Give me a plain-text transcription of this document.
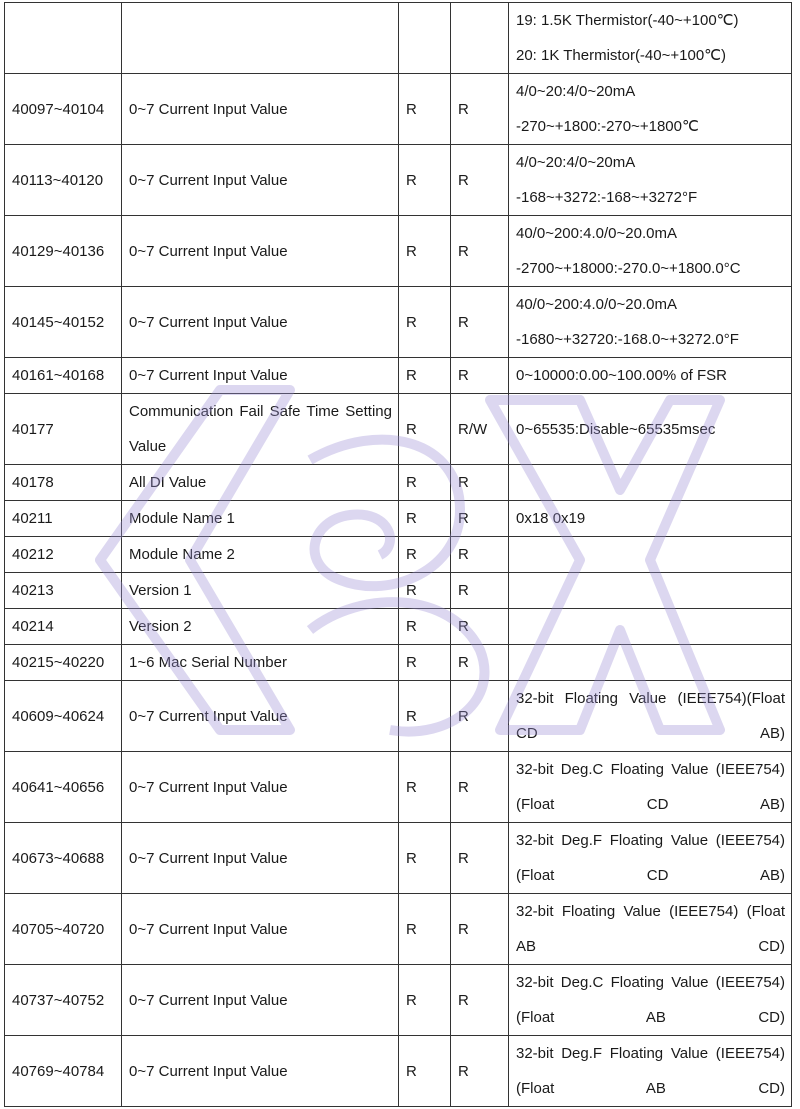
				19: 1.5K Thermistor(-40~+100℃)
20: 1K Thermistor(-40~+100℃)

40097~40104	0~7 Current Input Value	R	R	4/0~20:4/0~20mA
-270~+1800:-270~+1800℃

40113~40120	0~7 Current Input Value	R	R	4/0~20:4/0~20mA
-168~+3272:-168~+3272°F

40129~40136	0~7 Current Input Value	R	R	40/0~200:4.0/0~20.0mA
-2700~+18000:-270.0~+1800.0°C

40145~40152	0~7 Current Input Value	R	R	40/0~200:4.0/0~20.0mA
-1680~+32720:-168.0~+3272.0°F

40161~40168	0~7 Current Input Value	R	R	0~10000:0.00~100.00% of FSR

40177	Communication Fail Safe Time Setting Value	R	R/W	0~65535:Disable~65535msec

40178	All DI Value	R	R	

40211	Module Name 1	R	R	0x18 0x19

40212	Module Name 2	R	R	

40213	Version 1	R	R	

40214	Version 2	R	R	

40215~40220	1~6 Mac Serial Number	R	R	

40609~40624	0~7 Current Input Value	R	R	32-bit Floating Value (IEEE754)(Float CD AB)

40641~40656	0~7 Current Input Value	R	R	32-bit Deg.C Floating Value (IEEE754)(Float CD AB)

40673~40688	0~7 Current Input Value	R	R	32-bit Deg.F Floating Value (IEEE754)(Float CD AB)

40705~40720	0~7 Current Input Value	R	R	32-bit Floating Value (IEEE754) (Float AB CD)

40737~40752	0~7 Current Input Value	R	R	32-bit Deg.C Floating Value (IEEE754) (Float AB CD)

40769~40784	0~7 Current Input Value	R	R	32-bit Deg.F Floating Value (IEEE754) (Float AB CD)
